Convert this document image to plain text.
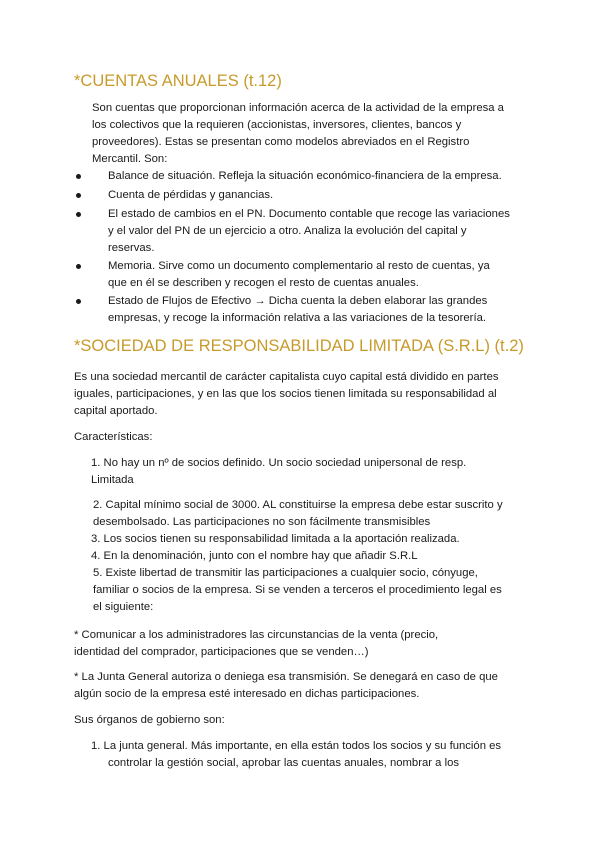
*CUENTAS ANUALES (t.12)

Son cuentas que proporcionan información acerca de la actividad de la empresa a

los colectivos que la requieren (accionistas, inversores, clientes, bancos y

proveedores). Estas se presentan como modelos abreviados en el Registro

Mercantil. Son:

Balance de situación. Refleja la situación económico-financiera de la empresa.

Cuenta de pérdidas y ganancias.

El estado de cambios en el PN. Documento contable que recoge las variaciones

y el valor del PN de un ejercicio a otro. Analiza la evolución del capital y

reservas.

Memoria. Sirve como un documento complementario al resto de cuentas, ya

que en él se describen y recogen el resto de cuentas anuales.

Estado de Flujos de Efectivo → Dicha cuenta la deben elaborar las grandes

empresas, y recoge la información relativa a las variaciones de la tesorería.

*SOCIEDAD DE RESPONSABILIDAD LIMITADA (S.R.L) (t.2)

Es una sociedad mercantil de carácter capitalista cuyo capital está dividido en partes

iguales, participaciones, y en las que los socios tienen limitada su responsabilidad al

capital aportado.

Características:

1. No hay un nº de socios definido. Un socio sociedad unipersonal de resp.

Limitada

2. Capital mínimo social de 3000. AL constituirse la empresa debe estar suscrito y

desembolsado. Las participaciones no son fácilmente transmisibles

3. Los socios tienen su responsabilidad limitada a la aportación realizada.

4. En la denominación, junto con el nombre hay que añadir S.R.L

5. Existe libertad de transmitir las participaciones a cualquier socio, cónyuge,

familiar o socios de la empresa. Si se venden a terceros el procedimiento legal es

el siguiente:

* Comunicar a los administradores las circunstancias de la venta (precio,

identidad del comprador, participaciones que se venden…)

* La Junta General autoriza o deniega esa transmisión. Se denegará en caso de que

algún socio de la empresa esté interesado en dichas participaciones.

Sus órganos de gobierno son:

1. La junta general. Más importante, en ella están todos los socios y su función es

controlar la gestión social, aprobar las cuentas anuales, nombrar a los
